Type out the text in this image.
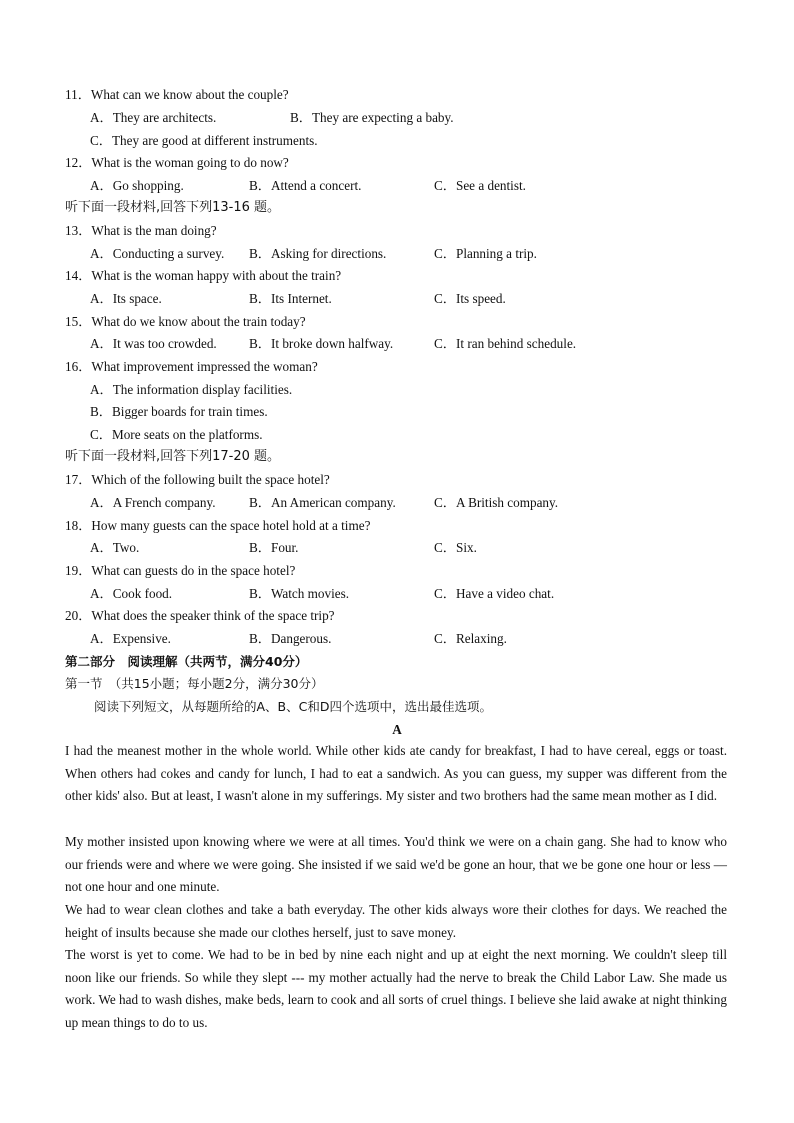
11．What can we know about the couple?
A．They are architects.	B．They are expecting a baby.
C．They are good at different instruments.
12．What is the woman going to do now?
A．Go shopping.	B．Attend a concert.	C．See a dentist.
听下面一段材料,回答下列13-16 题。
13．What is the man doing?
A．Conducting a survey. B．Asking for directions.	C．Planning a trip.
14．What is the woman happy with about the train?
A．Its space.	B．Its Internet.	C．Its speed.
15．What do we know about the train today?
A．It was too crowded. B．It broke down halfway.	C．It ran behind schedule.
16．What improvement impressed the woman?
A．The information display facilities.
B．Bigger boards for train times.
C．More seats on the platforms.
听下面一段材料,回答下列17-20 题。
17．Which of the following built the space hotel?
A．A French company.	B．An American company.	C．A British company.
18．How many guests can the space hotel hold at a time?
A．Two.	B．Four.	C．Six.
19．What can guests do in the space hotel?
A．Cook food.	B．Watch movies.	C．Have a video chat.
20．What does the speaker think of the space trip?
A．Expensive.	B．Dangerous.	C．Relaxing.
第二部分　阅读理解（共两节，满分40分）
第一节　（共15小题；每小题2分，满分30分）
阅读下列短文，从每题所给的A、B、C和D四个选项中，选出最佳选项。
A
I had the meanest mother in the whole world. While other kids ate candy for breakfast, I had to have cereal, eggs or toast. When others had cokes and candy for lunch, I had to eat a sandwich. As you can guess, my supper was different from the other kids' also. But at least, I wasn't alone in my sufferings. My sister and two brothers had the same mean mother as I did.
My mother insisted upon knowing where we were at all times. You'd think we were on a chain gang. She had to know who our friends were and where we were going. She insisted if we said we'd be gone an hour, that we be gone one hour or less — not one hour and one minute.
We had to wear clean clothes and take a bath everyday. The other kids always wore their clothes for days. We reached the height of insults because she made our clothes herself, just to save money.
The worst is yet to come. We had to be in bed by nine each night and up at eight the next morning. We couldn't sleep till noon like our friends. So while they slept --- my mother actually had the nerve to break the Child Labor Law. She made us work. We had to wash dishes, make beds, learn to cook and all sorts of cruel things. I believe she laid awake at night thinking up mean things to do to us.
